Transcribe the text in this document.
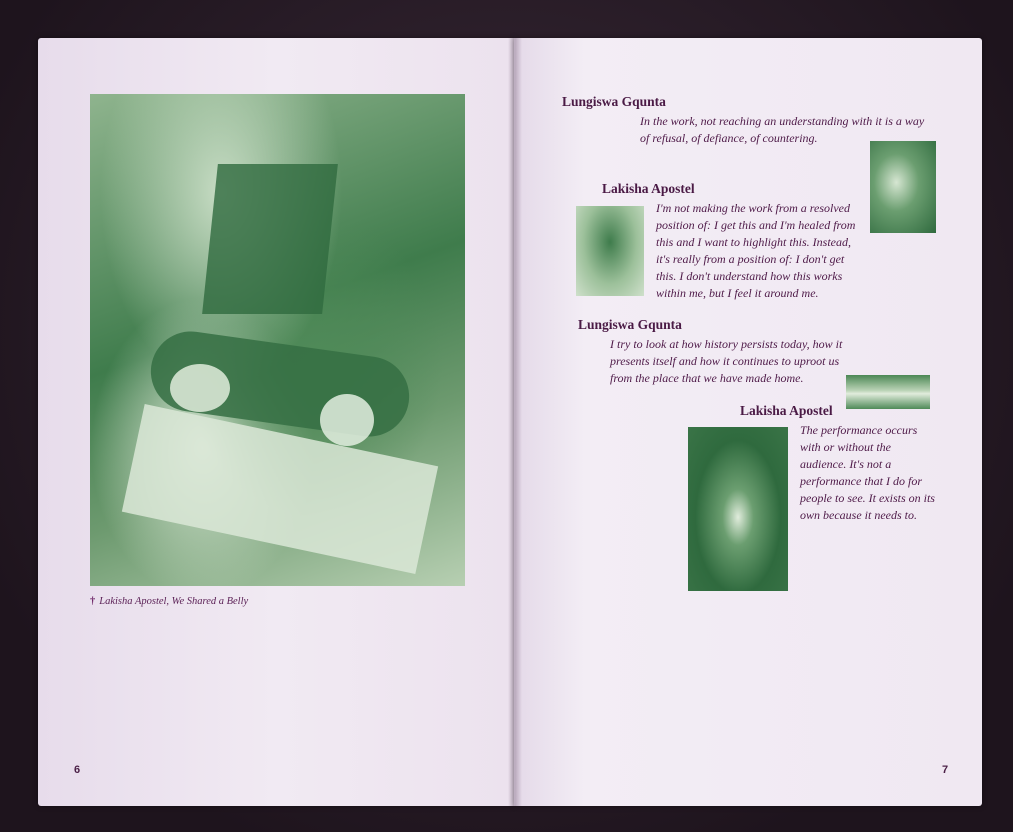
† Lakisha Apostel, We Shared a Belly
6
Lungiswa Gqunta
In the work, not reaching an understanding with it is a way of refusal, of defiance, of countering.
Lakisha Apostel
I'm not making the work from a resolved position of: I get this and I'm healed from this and I want to highlight this. Instead, it's really from a position of: I don't get this. I don't understand how this works within me, but I feel it around me.
Lungiswa Gqunta
I try to look at how history persists today, how it presents itself and how it continues to uproot us from the place that we have made home.
Lakisha Apostel
The performance occurs with or without the audience. It's not a performance that I do for people to see. It exists on its own because it needs to.
7
